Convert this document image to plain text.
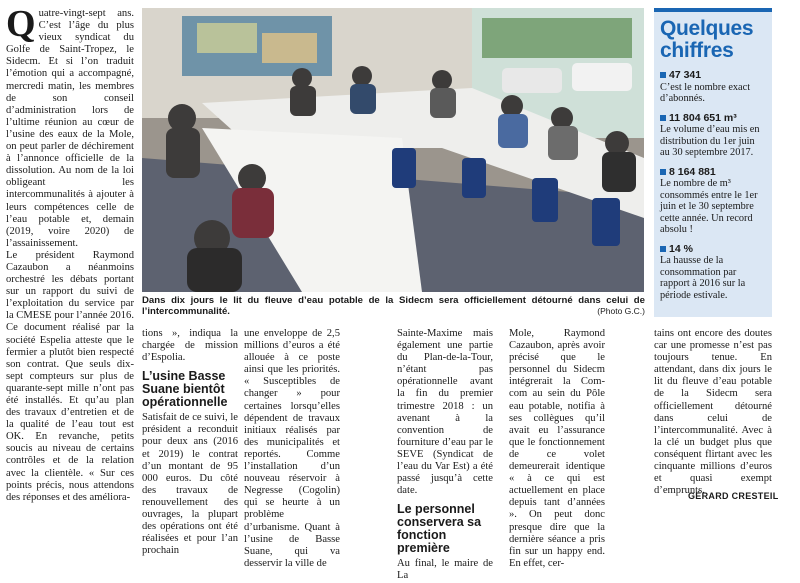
Q uatre-vingt-sept ans. C’est l’âge du plus vieux syndicat du Golfe de Saint-Tropez, le Sidecm. Et si l’on traduit l’émotion qui a accompagné, mercredi matin, les membres de son conseil d’administration lors de l’ultime réunion au cœur de l’usine des eaux de la Mole, on peut parler de déchirement à l’annonce officielle de la dissolution. Au nom de la loi obligeant les intercommunalités à ajouter à leurs compétences celle de l’eau potable et, demain (2019, voire 2020) de l’assainissement.

Le président Raymond Cazaubon a néanmoins orchestré les débats portant sur un rapport du suivi de l’exploitation du service par la CMESE pour l’année 2016. Ce document réalisé par la société Espelia atteste que le fermier a plutôt bien respecté son contrat. Que seuls dix-sept compteurs sur plus de quarante-sept mille n’ont pas été installés. Et qu’au plan des travaux d’entretien et de la qualité de l’eau tout est OK. En revanche, petits soucis au niveau de certains contrôles et de la relation avec la clientèle. « Sur ces points précis, nous attendons des réponses et des améliora-

Dans dix jours le lit du fleuve d’eau potable de la Sidecm sera officiellement détourné dans celui de l’intercommunalité.	(Photo G.C.)
Quelques chiffres
47 341
C’est le nombre exact d’abonnés.
11 804 651 m³
Le volume d’eau mis en distribution du 1er juin au 30 septembre 2017.
8 164 881
Le nombre de m³ consommés entre le 1er juin et le 30 septembre cette année. Un record absolu !
14 %
La hausse de la consommation par rapport à 2016 sur la période estivale.

tions », indiqua la chargée de mission d’Espolia.

L’usine Basse Suane bientôt opérationnelle

Satisfait de ce suivi, le président a reconduit pour deux ans (2016 et 2019) le contrat d’un montant de 95 000 euros. Du côté des travaux de renouvellement des ouvrages, la plupart des opérations ont été réalisées et pour l’an prochain

une enveloppe de 2,5 millions d’euros a été allouée à ce poste ainsi que les priorités. « Susceptibles de changer » pour certaines lorsqu’elles dépendent de travaux initiaux réalisés par des municipalités et reportés. Comme l’installation d’un nouveau réservoir à Negresse (Cogolin) qui se heurte à un problème d’urbanisme. Quant à l’usine de Basse Suane, qui va desservir la ville de

Sainte-Maxime mais également une partie du Plan-de-la-Tour, n’étant pas opérationnelle avant la fin du premier trimestre 2018 : un avenant à la convention de fourniture d’eau par le SEVE (Syndicat de l’eau du Var Est) a été passé jusqu’à cette date.

Le personnel conservera sa fonction première

Au final, le maire de La

Mole, Raymond Cazaubon, après avoir précisé que le personnel du Sidecm intégrerait la Com-com au sein du Pôle eau potable, notifia à ses collègues qu’il avait eu l’assurance que le fonctionnement de ce volet demeurerait identique « à ce qui est actuellement en place depuis tant d’années ». On peut donc presque dire que la dernière séance a pris fin sur un happy end. En effet, cer-

tains ont encore des doutes car une promesse n’est pas toujours tenue. En attendant, dans dix jours le lit du fleuve d’eau potable de la Sidecm sera officiellement détourné dans celui de l’intercommunalité. Avec à la clé un budget plus que conséquent flirtant avec les cinquante millions d’euros et quasi exempt d’emprunts.

GÉRARD CRESTEIL
